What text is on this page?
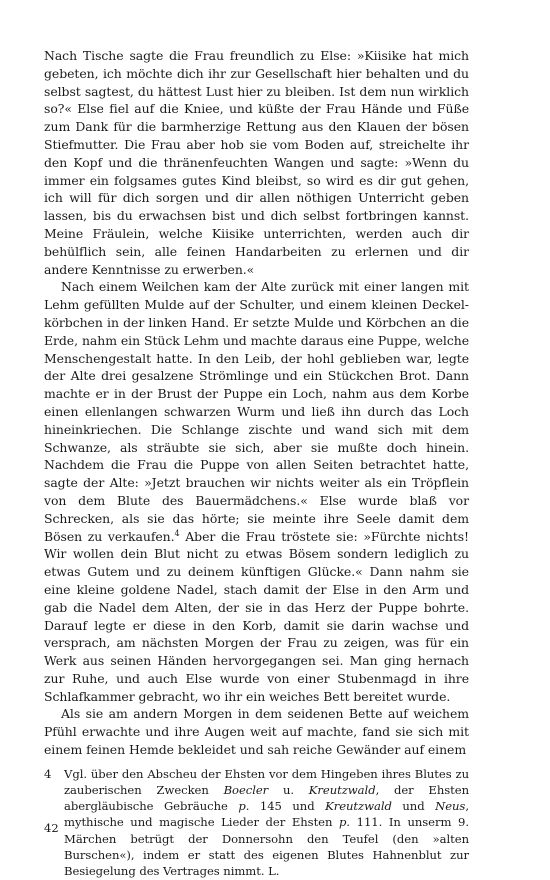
Nach Tische sagte die Frau freundlich zu Else: »Kiisike hat mich gebeten, ich möchte dich ihr zur Gesellschaft hier behalten und du selbst sagtest, du hättest Lust hier zu bleiben. Ist dem nun wirklich so?« Else fiel auf die Kniee, und küßte der Frau Hände und Füße zum Dank für die barmherzige Rettung aus den Klauen der bösen Stiefmutter. Die Frau aber hob sie vom Boden auf, streichelte ihr den Kopf und die thränenfeuchten Wangen und sagte: »Wenn du immer ein folgsames gutes Kind bleibst, so wird es dir gut gehen, ich will für dich sorgen und dir allen nöthigen Unterricht geben lassen, bis du erwachsen bist und dich selbst fortbringen kannst. Meine Fräulein, welche Kiisike unterrichten, werden auch dir behülflich sein, alle feinen Handarbeiten zu erlernen und dir andere Kenntnisse zu erwerben.«

Nach einem Weilchen kam der Alte zurück mit einer langen mit Lehm gefüllten Mulde auf der Schulter, und einem kleinen Deckelkörbchen in der linken Hand. Er setzte Mulde und Körbchen an die Erde, nahm ein Stück Lehm und machte daraus eine Puppe, welche Menschengestalt hatte. In den Leib, der hohl geblieben war, legte der Alte drei gesalzene Strömlinge und ein Stückchen Brot. Dann machte er in der Brust der Puppe ein Loch, nahm aus dem Korbe einen ellenlangen schwarzen Wurm und ließ ihn durch das Loch hineinkriechen. Die Schlange zischte und wand sich mit dem Schwanze, als sträubte sie sich, aber sie mußte doch hinein. Nachdem die Frau die Puppe von allen Seiten betrachtet hatte, sagte der Alte: »Jetzt brauchen wir nichts weiter als ein Tröpflein von dem Blute des Bauermädchens.« Else wurde blaß vor Schrecken, als sie das hörte; sie meinte ihre Seele damit dem Bösen zu verkaufen.$^4$ Aber die Frau tröstete sie: »Fürchte nichts! Wir wollen dein Blut nicht zu etwas Bösem sondern lediglich zu etwas Gutem und zu deinem künftigen Glücke.« Dann nahm sie eine kleine goldene Nadel, stach damit der Else in den Arm und gab die Nadel dem Alten, der sie in das Herz der Puppe bohrte. Darauf legte er diese in den Korb, damit sie darin wachse und versprach, am nächsten Morgen der Frau zu zeigen, was für ein Werk aus seinen Händen hervorgegangen sei. Man ging hernach zur Ruhe, und auch Else wurde von einer Stubenmagd in ihre Schlafkammer gebracht, wo ihr ein weiches Bett bereitet wurde.

Als sie am andern Morgen in dem seidenen Bette auf weichem Pfühl erwachte und ihre Augen weit auf machte, fand sie sich mit einem feinen Hemde bekleidet und sah reiche Gewänder auf einem

4 Vgl. über den Abscheu der Ehsten vor dem Hingeben ihres Blutes zu zauberischen Zwecken Boecler u. Kreutzwald, der Ehsten abergläubische Gebräuche p. 145 und Kreutzwald und Neus, mythische und magische Lieder der Ehsten p. 111. In unserm 9. Märchen betrügt der Donnersohn den Teufel (den »alten Burschen«), indem er statt des eigenen Blutes Hahnenblut zur Besiegelung des Vertrages nimmt. L.

42
